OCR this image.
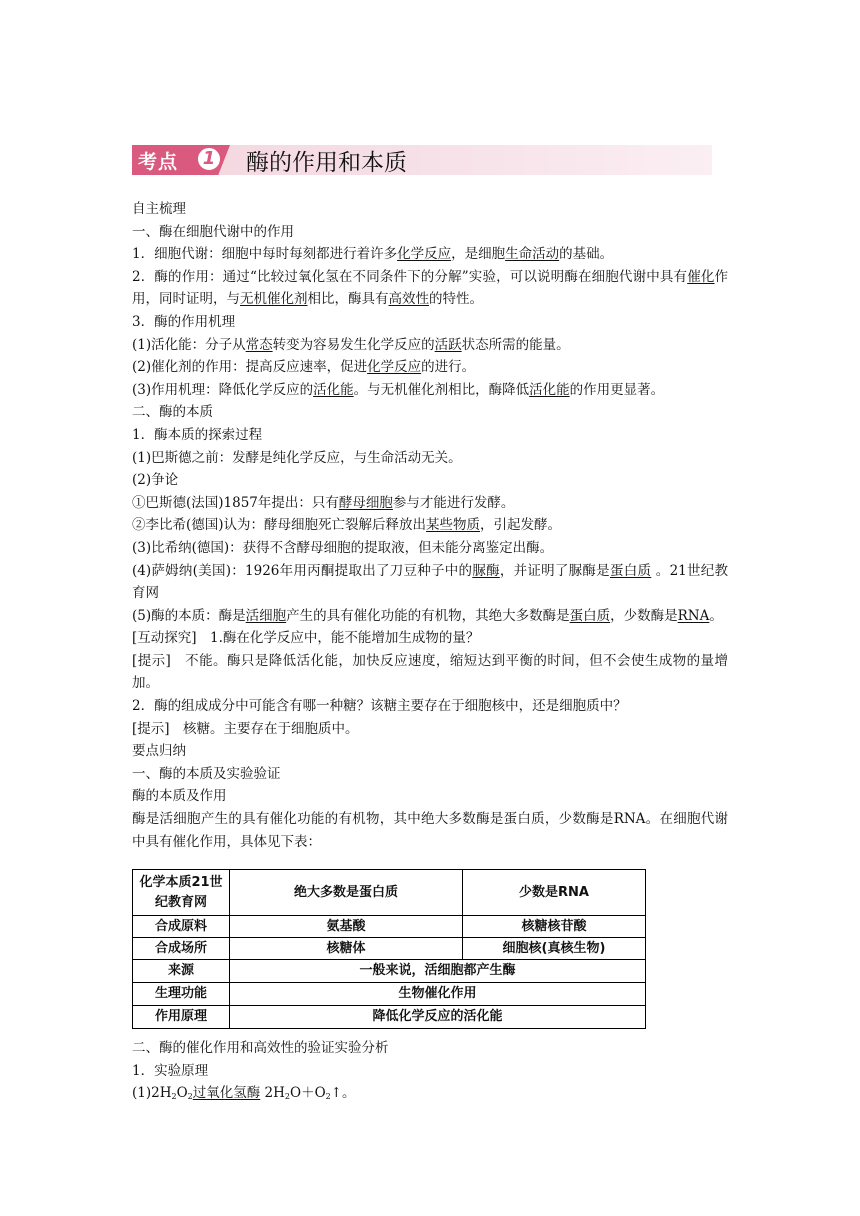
考点	1 酶的作用和本质

自主梳理

一、酶在细胞代谢中的作用

1．细胞代谢：细胞中每时每刻都进行着许多化学反应，是细胞生命活动的基础。

2．酶的作用：通过“比较过氧化氢在不同条件下的分解”实验，可以说明酶在细胞代谢中具有催化作用，同时证明，与无机催化剂相比，酶具有高效性的特性。

3．酶的作用机理

(1)活化能：分子从常态转变为容易发生化学反应的活跃状态所需的能量。

(2)催化剂的作用：提高反应速率，促进化学反应的进行。

(3)作用机理：降低化学反应的活化能。与无机催化剂相比，酶降低活化能的作用更显著。

二、酶的本质

1．酶本质的探索过程

(1)巴斯德之前：发酵是纯化学反应，与生命活动无关。

(2)争论

①巴斯德(法国)1857年提出：只有酵母细胞参与才能进行发酵。

②李比希(德国)认为：酵母细胞死亡裂解后释放出某些物质，引起发酵。

(3)比希纳(德国)：获得不含酵母细胞的提取液，但未能分离鉴定出酶。

(4)萨姆纳(美国)：1926年用丙酮提取出了刀豆种子中的脲酶，并证明了脲酶是蛋白质 。21世纪教育网

(5)酶的本质：酶是活细胞产生的具有催化功能的有机物，其绝大多数酶是蛋白质，少数酶是RNA。

[互动探究]　1.酶在化学反应中，能不能增加生成物的量？

[提示]　不能。酶只是降低活化能，加快反应速度，缩短达到平衡的时间，但不会使生成物的量增加。

2．酶的组成成分中可能含有哪一种糖？该糖主要存在于细胞核中，还是细胞质中？

[提示]　核糖。主要存在于细胞质中。

要点归纳

一、酶的本质及实验验证

酶的本质及作用

酶是活细胞产生的具有催化功能的有机物，其中绝大多数酶是蛋白质，少数酶是RNA。在细胞代谢中具有催化作用，具体见下表：

化学本质21世纪教育网	绝大多数是蛋白质	少数是RNA
合成原料	氨基酸	核糖核苷酸
合成场所	核糖体	细胞核(真核生物)
来源	一般来说，活细胞都产生酶	
生理功能	生物催化作用	
作用原理	降低化学反应的活化能	

二、酶的催化作用和高效性的验证实验分析

1．实验原理

$(1)2H_2O_2$过氧化氢酶 $2H_2O+O_2↑$。
